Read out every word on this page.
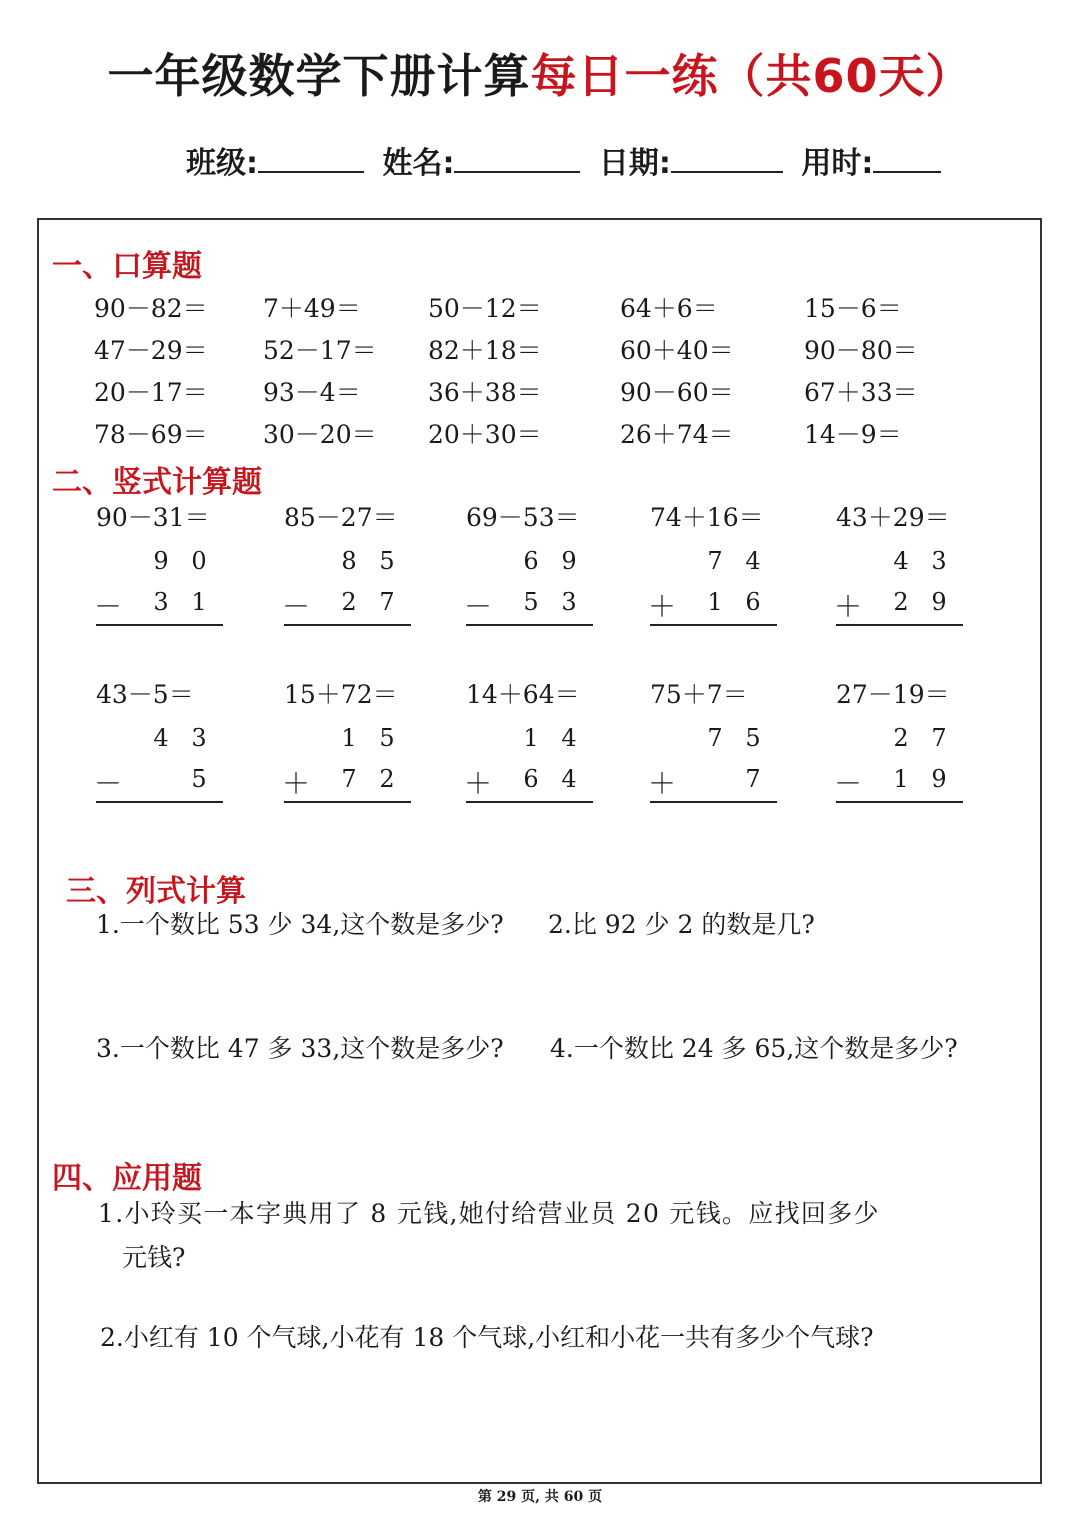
一年级数学下册计算每日一练（共60天）
班级:	姓名:	日期:	用时:
一、口算题
90－82＝ 7＋49＝	50－12＝	64＋6＝	15－6＝
47－29＝ 52－17＝ 82＋18＝	60＋40＝	90－80＝
20－17＝ 93－4＝	36＋38＝	90－60＝	67＋33＝
78－69＝ 30－20＝ 20＋30＝	26＋74＝	14－9＝
二、竖式计算题
90－31＝
9 0
－ 3 1
85－27＝
8 5
－ 2 7
69－53＝
6 9
－ 5 3
74＋16＝
7 4
＋ 1 6
43＋29＝
4 3
＋ 2 9
43－5＝
4 3
－	5
15＋72＝
1 5
＋ 7 2
14＋64＝
1 4
＋ 6 4
75＋7＝
7 5
＋	7
27－19＝
2 7
－ 1 9
三、列式计算
1.一个数比 53 少 34,这个数是多少? 2.比 92 少 2 的数是几?
3.一个数比 47 多 33,这个数是多少? 4.一个数比 24 多 65,这个数是多少?
四、应用题
1.小玲买一本字典用了 8 元钱,她付给营业员 20 元钱。应找回多少
元钱?
2.小红有 10 个气球,小花有 18 个气球,小红和小花一共有多少个气球?
第 29 页, 共 60 页
